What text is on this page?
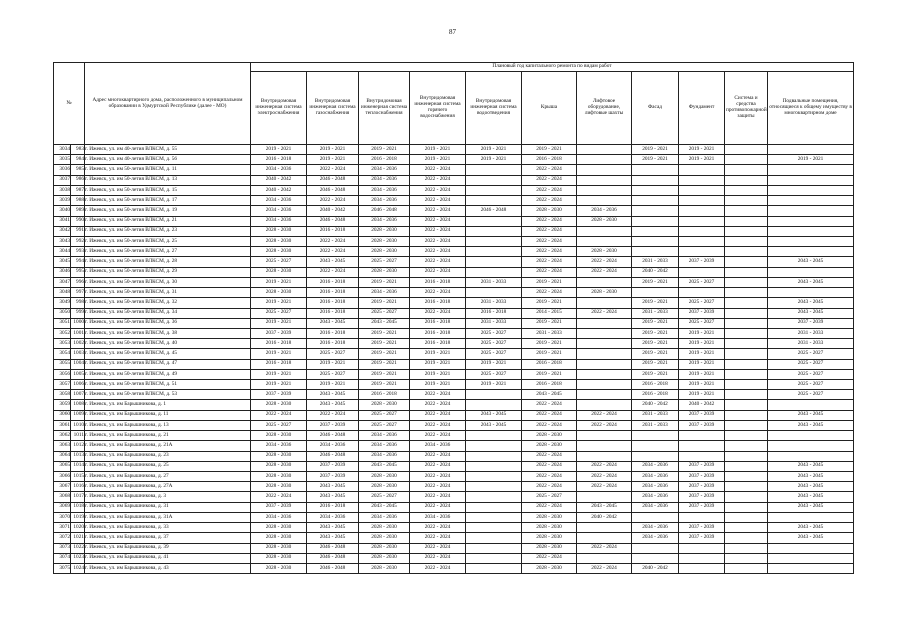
87
№		Адрес многоквартирного дома, расположенного в муниципальном образовании в Удмуртской Республике (далее - МО)	Плановый год капитального ремонта по видам работ										

			Внутридомовая инженерная система электроснабжения	Внутридомовая инженерная система газоснабжения	Внутридомовая инженерная система теплоснабжения	Внутридомовая инженерная система горячего водоснабжения	Внутридомовая инженерная система водоотведения	Крыша	Лифтовое оборудование, лифтовые шахты	Фасад	Фундамент	Система и средства противопожарной защиты	Подвальные помещения, относящиеся к общему имуществу в многоквартирном доме

3034	983	г. Ижевск, ул. им 40-летия ВЛКСМ, д. 55	2019 - 2021	2019 - 2021	2019 - 2021	2019 - 2021	2019 - 2021	2019 - 2021		2019 - 2021	2019 - 2021		
3035	984	г. Ижевск, ул. им 40-летия ВЛКСМ, д. 56	2016 - 2018	2019 - 2021	2016 - 2018	2019 - 2021	2019 - 2021	2016 - 2018		2019 - 2021	2019 - 2021		2019 - 2021
3036	985	г. Ижевск, ул. им 50-летия ВЛКСМ, д. 11	2034 - 2036	2022 - 2024	2034 - 2036	2022 - 2024		2022 - 2024					
3037	986	г. Ижевск, ул. им 50-летия ВЛКСМ, д. 13	2040 - 2042	2046 - 2048	2034 - 2036	2022 - 2024		2022 - 2024					
3038	987	г. Ижевск, ул. им 50-летия ВЛКСМ, д. 15	2040 - 2042	2046 - 2048	2034 - 2036	2022 - 2024		2022 - 2024					
3039	988	г. Ижевск, ул. им 50-летия ВЛКСМ, д. 17	2034 - 2036	2022 - 2024	2034 - 2036	2022 - 2024		2022 - 2024					
3040	989	г. Ижевск, ул. им 50-летия ВЛКСМ, д. 19	2034 - 2036	2040 - 2042	2046 - 2048	2022 - 2024	2046 - 2048	2028 - 2030	2034 - 2036				
3041	990	г. Ижевск, ул. им 50-летия ВЛКСМ, д. 21	2034 - 2036	2046 - 2048	2034 - 2036	2022 - 2024		2022 - 2024	2028 - 2030				
3042	991	г. Ижевск, ул. им 50-летия ВЛКСМ, д. 23	2028 - 2030	2016 - 2018	2028 - 2030	2022 - 2024		2022 - 2024					
3043	992	г. Ижевск, ул. им 50-летия ВЛКСМ, д. 25	2028 - 2030	2022 - 2024	2028 - 2030	2022 - 2024		2022 - 2024					
3044	993	г. Ижевск, ул. им 50-летия ВЛКСМ, д. 27	2028 - 2030	2022 - 2024	2028 - 2030	2022 - 2024		2022 - 2024	2028 - 2030				
3045	994	г. Ижевск, ул. им 50-летия ВЛКСМ, д. 28	2025 - 2027	2043 - 2045	2025 - 2027	2022 - 2024		2022 - 2024	2022 - 2024	2031 - 2033	2037 - 2039		2043 - 2045
3046	995	г. Ижевск, ул. им 50-летия ВЛКСМ, д. 29	2028 - 2030	2022 - 2024	2028 - 2030	2022 - 2024		2022 - 2024	2022 - 2024	2040 - 2042			
3047	996	г. Ижевск, ул. им 50-летия ВЛКСМ, д. 30	2019 - 2021	2016 - 2018	2019 - 2021	2016 - 2018	2031 - 2033	2019 - 2021		2019 - 2021	2025 - 2027		2043 - 2045
3048	997	г. Ижевск, ул. им 50-летия ВЛКСМ, д. 31	2028 - 2030	2016 - 2018	2034 - 2036	2022 - 2024		2022 - 2024	2028 - 2030				
3049	998	г. Ижевск, ул. им 50-летия ВЛКСМ, д. 32	2019 - 2021	2016 - 2018	2019 - 2021	2016 - 2018	2031 - 2033	2019 - 2021		2019 - 2021	2025 - 2027		2043 - 2045
3050	999	г. Ижевск, ул. им 50-летия ВЛКСМ, д. 34	2025 - 2027	2016 - 2018	2025 - 2027	2022 - 2024	2016 - 2018	2014 - 2015	2022 - 2024	2031 - 2033	2037 - 2039		2043 - 2045
3051	1000	г. Ижевск, ул. им 50-летия ВЛКСМ, д. 36	2019 - 2021	2043 - 2045	2043 - 2045	2016 - 2018	2031 - 2033	2019 - 2021		2019 - 2021	2025 - 2027		2037 - 2039
3052	1001	г. Ижевск, ул. им 50-летия ВЛКСМ, д. 38	2037 - 2039	2016 - 2018	2019 - 2021	2016 - 2018	2025 - 2027	2031 - 2033		2019 - 2021	2019 - 2021		2031 - 2033
3053	1002	г. Ижевск, ул. им 50-летия ВЛКСМ, д. 40	2016 - 2018	2016 - 2018	2019 - 2021	2016 - 2018	2025 - 2027	2019 - 2021		2019 - 2021	2019 - 2021		2031 - 2033
3054	1003	г. Ижевск, ул. им 50-летия ВЛКСМ, д. 45	2019 - 2021	2025 - 2027	2019 - 2021	2019 - 2021	2025 - 2027	2019 - 2021		2019 - 2021	2019 - 2021		2025 - 2027
3055	1004	г. Ижевск, ул. им 50-летия ВЛКСМ, д. 47	2016 - 2018	2019 - 2021	2019 - 2021	2019 - 2021	2019 - 2021	2016 - 2018		2019 - 2021	2019 - 2021		2025 - 2027
3056	1005	г. Ижевск, ул. им 50-летия ВЛКСМ, д. 49	2019 - 2021	2025 - 2027	2019 - 2021	2019 - 2021	2025 - 2027	2019 - 2021		2019 - 2021	2019 - 2021		2025 - 2027
3057	1006	г. Ижевск, ул. им 50-летия ВЛКСМ, д. 51	2019 - 2021	2019 - 2021	2019 - 2021	2019 - 2021	2019 - 2021	2016 - 2018		2016 - 2018	2019 - 2021		2025 - 2027
3058	1007	г. Ижевск, ул. им 50-летия ВЛКСМ, д. 53	2037 - 2039	2043 - 2045	2016 - 2018	2022 - 2024		2043 - 2045		2016 - 2018	2019 - 2021		2025 - 2027
3059	1008	г. Ижевск, ул. им Барышникова, д. 1	2028 - 2030	2043 - 2045	2028 - 2030	2022 - 2024		2022 - 2024		2040 - 2042	2040 - 2042		
3060	1009	г. Ижевск, ул. им Барышникова, д. 11	2022 - 2024	2022 - 2024	2025 - 2027	2022 - 2024	2043 - 2045	2022 - 2024	2022 - 2024	2031 - 2033	2037 - 2039		2043 - 2045
3061	1010	г. Ижевск, ул. им Барышникова, д. 13	2025 - 2027	2037 - 2039	2025 - 2027	2022 - 2024	2043 - 2045	2022 - 2024	2022 - 2024	2031 - 2033	2037 - 2039		2043 - 2045
3062	1011	г. Ижевск, ул. им Барышникова, д. 21	2028 - 2030	2046 - 2048	2034 - 2036	2022 - 2024		2028 - 2030					
3063	1012	г. Ижевск, ул. им Барышникова, д. 21А	2034 - 2036	2034 - 2036	2034 - 2036	2034 - 2036		2028 - 2030					
3064	1013	г. Ижевск, ул. им Барышникова, д. 23	2028 - 2030	2046 - 2048	2034 - 2036	2022 - 2024		2022 - 2024					
3065	1014	г. Ижевск, ул. им Барышникова, д. 25	2028 - 2030	2037 - 2039	2043 - 2045	2022 - 2024		2022 - 2024	2022 - 2024	2034 - 2036	2037 - 2039		2043 - 2045
3066	1015	г. Ижевск, ул. им Барышникова, д. 27	2028 - 2030	2037 - 2039	2028 - 2030	2022 - 2024		2022 - 2024	2022 - 2024	2034 - 2036	2037 - 2039		2043 - 2045
3067	1016	г. Ижевск, ул. им Барышникова, д. 27А	2028 - 2030	2043 - 2045	2028 - 2030	2022 - 2024		2022 - 2024	2022 - 2024	2034 - 2036	2037 - 2039		2043 - 2045
3068	1017	г. Ижевск, ул. им Барышникова, д. 3	2022 - 2024	2043 - 2045	2025 - 2027	2022 - 2024		2025 - 2027		2034 - 2036	2037 - 2039		2043 - 2045
3069	1018	г. Ижевск, ул. им Барышникова, д. 31	2037 - 2039	2016 - 2018	2043 - 2045	2022 - 2024		2022 - 2024	2043 - 2045	2034 - 2036	2037 - 2039		2043 - 2045
3070	1019	г. Ижевск, ул. им Барышникова, д. 31А	2034 - 2036	2034 - 2036	2034 - 2036	2034 - 2036		2028 - 2030	2040 - 2042				
3071	1020	г. Ижевск, ул. им Барышникова, д. 33	2028 - 2030	2043 - 2045	2028 - 2030	2022 - 2024		2028 - 2030		2034 - 2036	2037 - 2039		2043 - 2045
3072	1021	г. Ижевск, ул. им Барышникова, д. 37	2028 - 2030	2043 - 2045	2028 - 2030	2022 - 2024		2028 - 2030		2034 - 2036	2037 - 2039		2043 - 2045
3073	1022	г. Ижевск, ул. им Барышникова, д. 39	2028 - 2030	2046 - 2048	2028 - 2030	2022 - 2024		2028 - 2030	2022 - 2024				
3074	1023	г. Ижевск, ул. им Барышникова, д. 41	2028 - 2030	2046 - 2048	2028 - 2030	2022 - 2024		2022 - 2024					
3075	1024	г. Ижевск, ул. им Барышникова, д. 43	2028 - 2030	2046 - 2048	2028 - 2030	2022 - 2024		2028 - 2030	2022 - 2024	2040 - 2042			
